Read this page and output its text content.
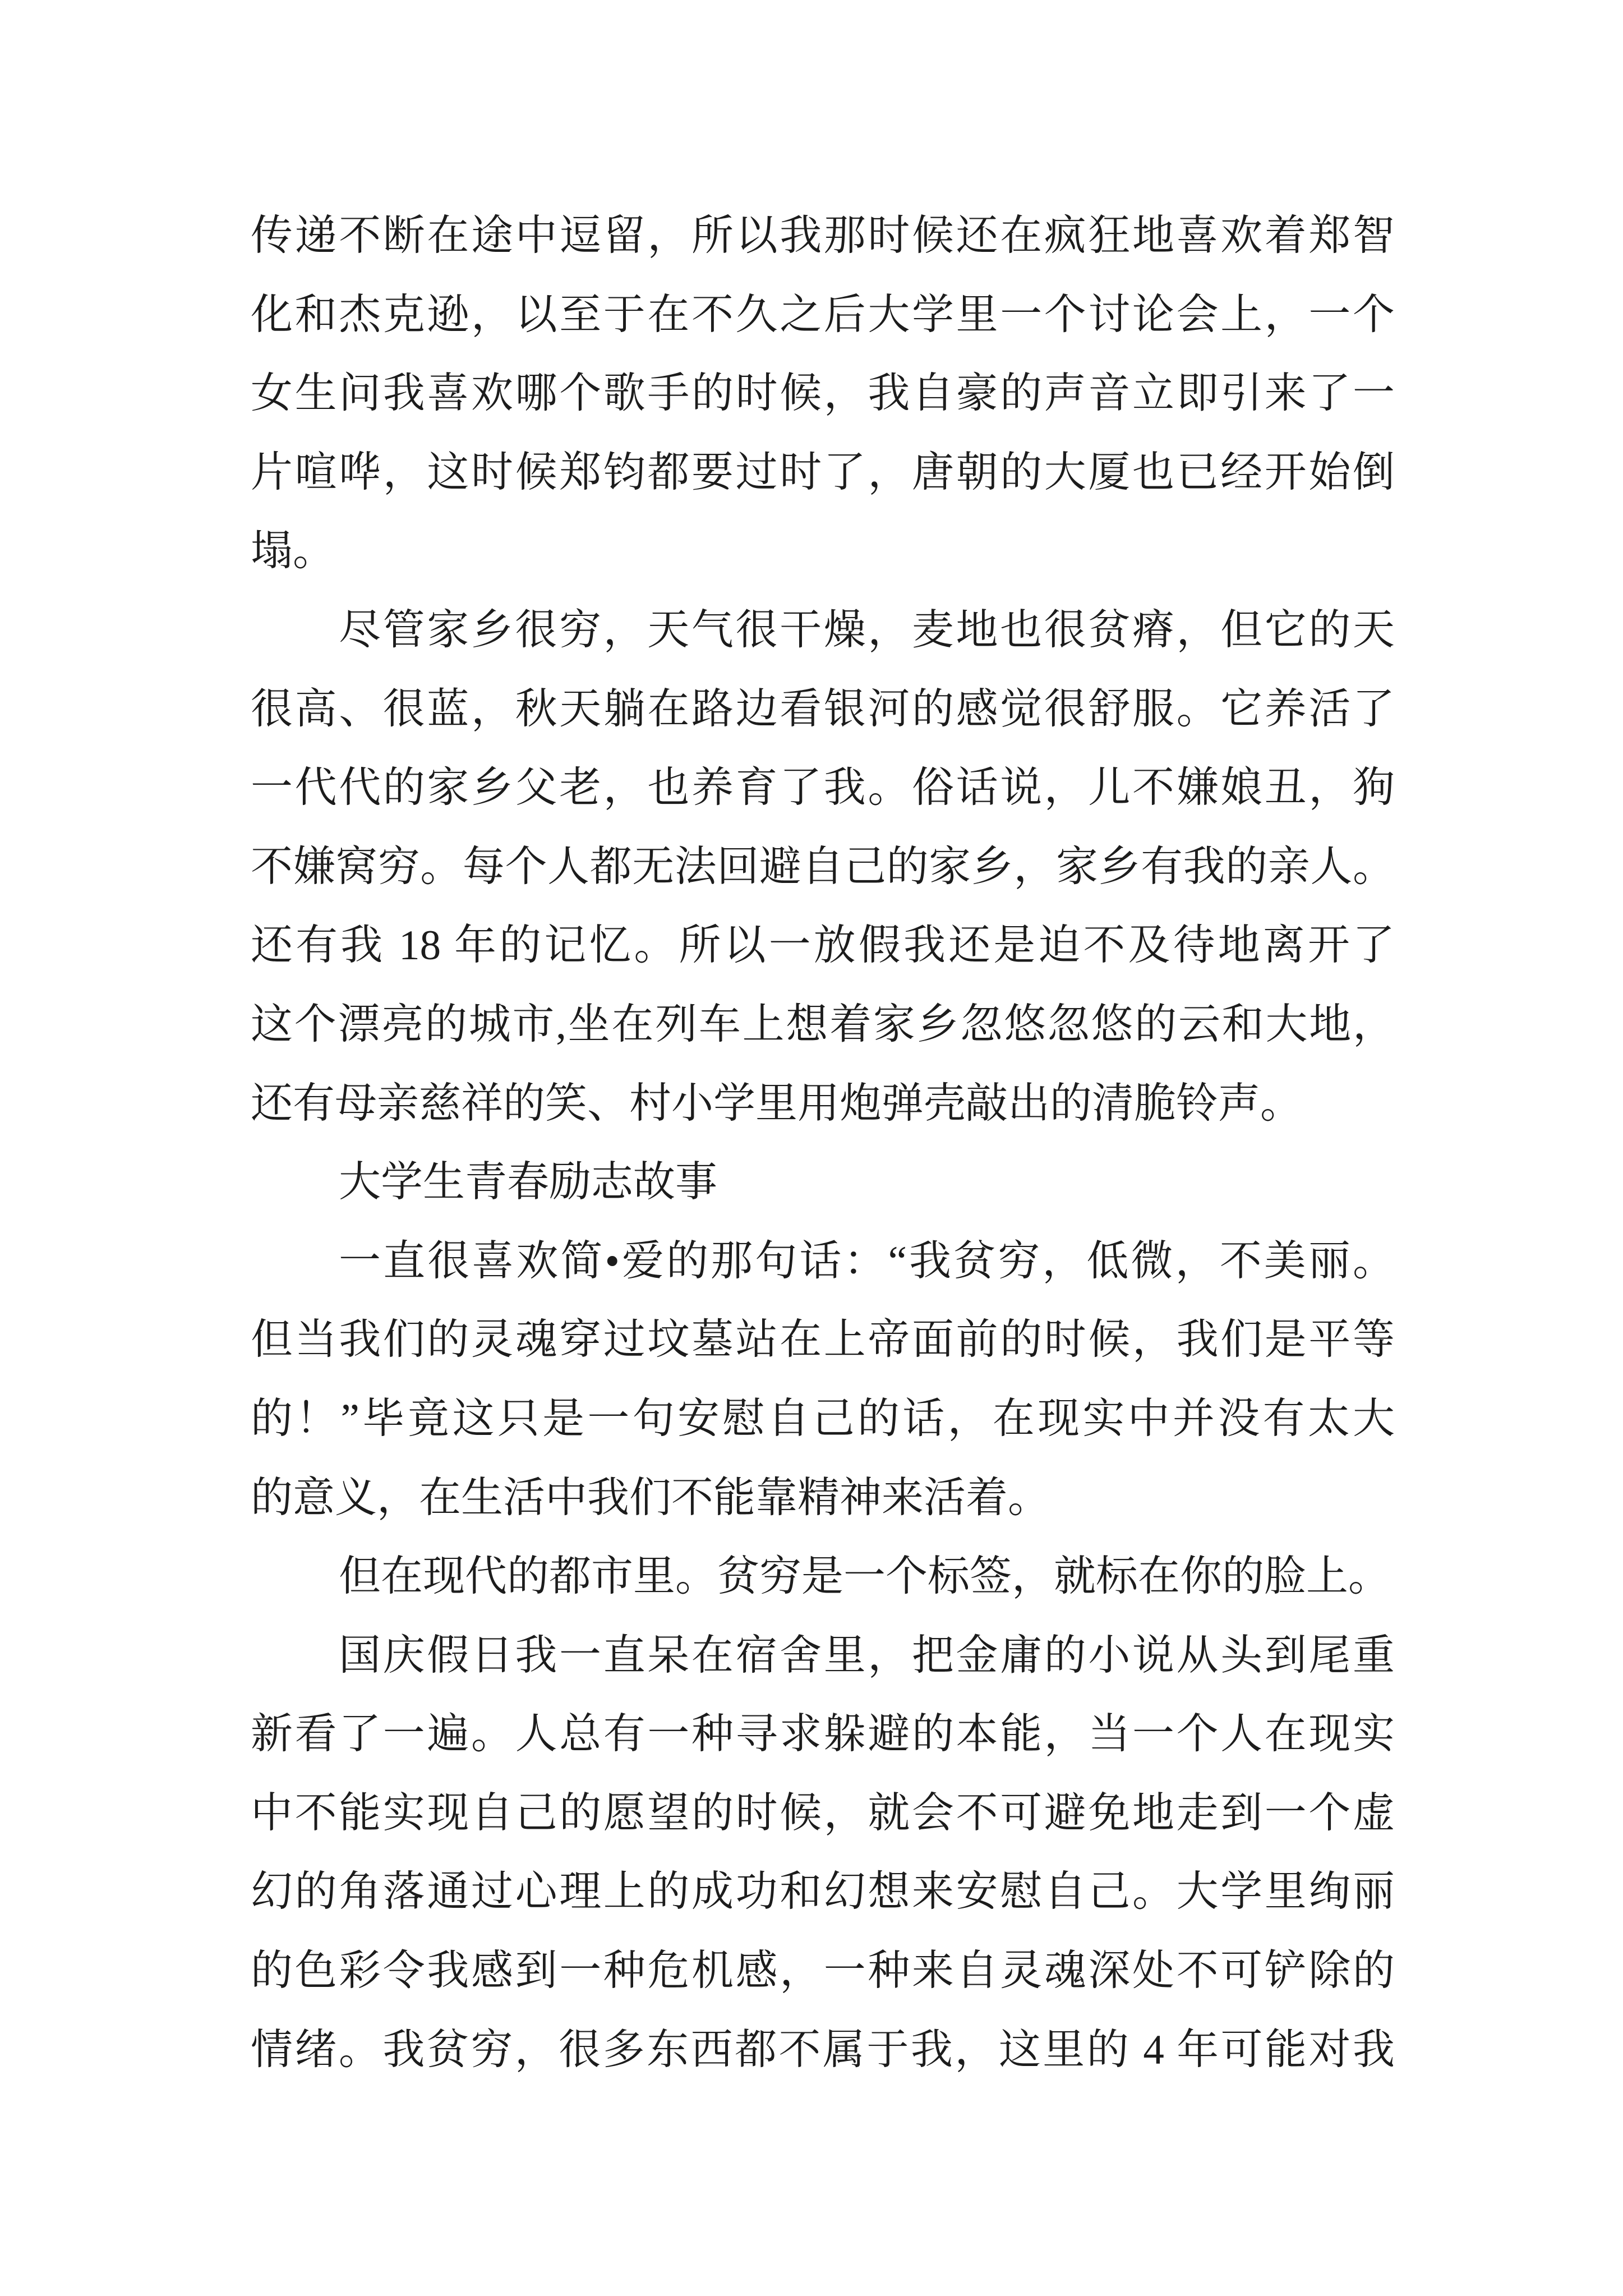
传递不断在途中逗留，所以我那时候还在疯狂地喜欢着郑智
化和杰克逊，以至于在不久之后大学里一个讨论会上，一个
女生问我喜欢哪个歌手的时候，我自豪的声音立即引来了一
片喧哗，这时候郑钧都要过时了，唐朝的大厦也已经开始倒
塌。
尽管家乡很穷，天气很干燥，麦地也很贫瘠，但它的天
很高、很蓝，秋天躺在路边看银河的感觉很舒服。它养活了
一代代的家乡父老，也养育了我。俗话说，儿不嫌娘丑，狗
不嫌窝穷。每个人都无法回避自己的家乡，家乡有我的亲人。
还有我 18 年的记忆。所以一放假我还是迫不及待地离开了
这个漂亮的城市,坐在列车上想着家乡忽悠忽悠的云和大地，
还有母亲慈祥的笑、村小学里用炮弹壳敲出的清脆铃声。
大学生青春励志故事
一直很喜欢简•爱的那句话：“我贫穷，低微，不美丽。
但当我们的灵魂穿过坟墓站在上帝面前的时候，我们是平等
的！”毕竟这只是一句安慰自己的话，在现实中并没有太大
的意义，在生活中我们不能靠精神来活着。
但在现代的都市里。贫穷是一个标签，就标在你的脸上。
国庆假日我一直呆在宿舍里，把金庸的小说从头到尾重
新看了一遍。人总有一种寻求躲避的本能，当一个人在现实
中不能实现自己的愿望的时候，就会不可避免地走到一个虚
幻的角落通过心理上的成功和幻想来安慰自己。大学里绚丽
的色彩令我感到一种危机感，一种来自灵魂深处不可铲除的
情绪。我贫穷，很多东西都不属于我，这里的 4 年可能对我
